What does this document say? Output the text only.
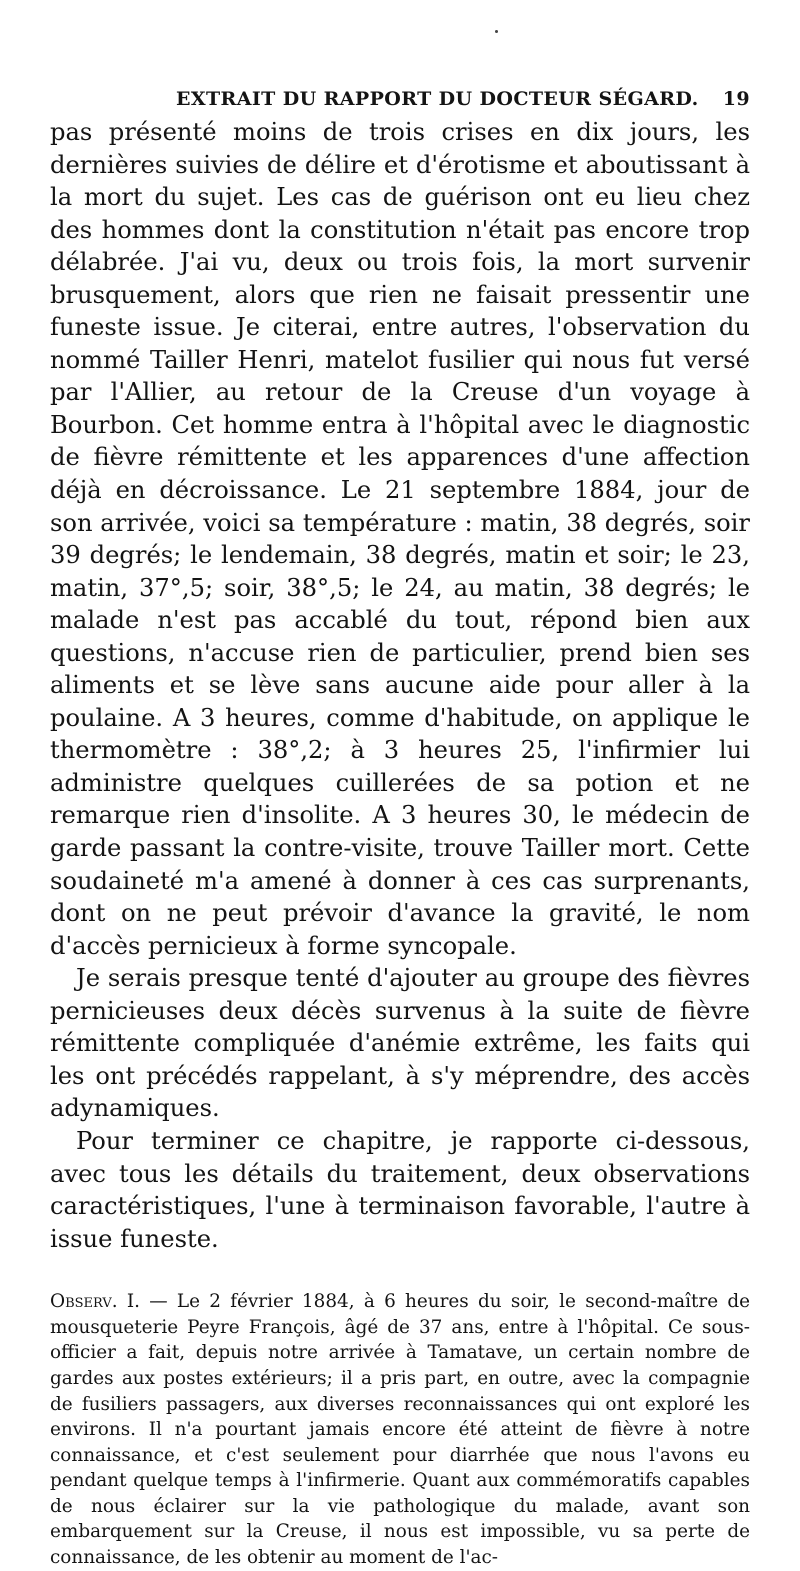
EXTRAIT DU RAPPORT DU DOCTEUR SÉGARD. 19

pas présenté moins de trois crises en dix jours, les dernières suivies de délire et d'érotisme et aboutissant à la mort du sujet. Les cas de guérison ont eu lieu chez des hommes dont la constitution n'était pas encore trop délabrée. J'ai vu, deux ou trois fois, la mort survenir brusquement, alors que rien ne faisait pressentir une funeste issue. Je citerai, entre autres, l'observation du nommé Tailler Henri, matelot fusilier qui nous fut versé par l'Allier, au retour de la Creuse d'un voyage à Bourbon. Cet homme entra à l'hôpital avec le diagnostic de fièvre rémittente et les apparences d'une affection déjà en décroissance. Le 21 septembre 1884, jour de son arrivée, voici sa température : matin, 38 degrés, soir 39 degrés; le lendemain, 38 degrés, matin et soir; le 23, matin, 37°,5; soir, 38°,5; le 24, au matin, 38 degrés; le malade n'est pas accablé du tout, répond bien aux questions, n'accuse rien de particulier, prend bien ses aliments et se lève sans aucune aide pour aller à la poulaine. A 3 heures, comme d'habitude, on applique le thermomètre : 38°,2; à 3 heures 25, l'infirmier lui administre quelques cuillerées de sa potion et ne remarque rien d'insolite. A 3 heures 30, le médecin de garde passant la contre-visite, trouve Tailler mort. Cette soudaineté m'a amené à donner à ces cas surprenants, dont on ne peut prévoir d'avance la gravité, le nom d'accès pernicieux à forme syncopale.

Je serais presque tenté d'ajouter au groupe des fièvres pernicieuses deux décès survenus à la suite de fièvre rémittente compliquée d'anémie extrême, les faits qui les ont précédés rappelant, à s'y méprendre, des accès adynamiques.

Pour terminer ce chapitre, je rapporte ci-dessous, avec tous les détails du traitement, deux observations caractéristiques, l'une à terminaison favorable, l'autre à issue funeste.

Observ. I. — Le 2 février 1884, à 6 heures du soir, le second-maître de mousqueterie Peyre François, âgé de 37 ans, entre à l'hôpital. Ce sous-officier a fait, depuis notre arrivée à Tamatave, un certain nombre de gardes aux postes extérieurs; il a pris part, en outre, avec la compagnie de fusiliers passagers, aux diverses reconnaissances qui ont exploré les environs. Il n'a pourtant jamais encore été atteint de fièvre à notre connaissance, et c'est seulement pour diarrhée que nous l'avons eu pendant quelque temps à l'infirmerie. Quant aux commémoratifs capables de nous éclairer sur la vie pathologique du malade, avant son embarquement sur la Creuse, il nous est impossible, vu sa perte de connaissance, de les obtenir au moment de l'ac-
